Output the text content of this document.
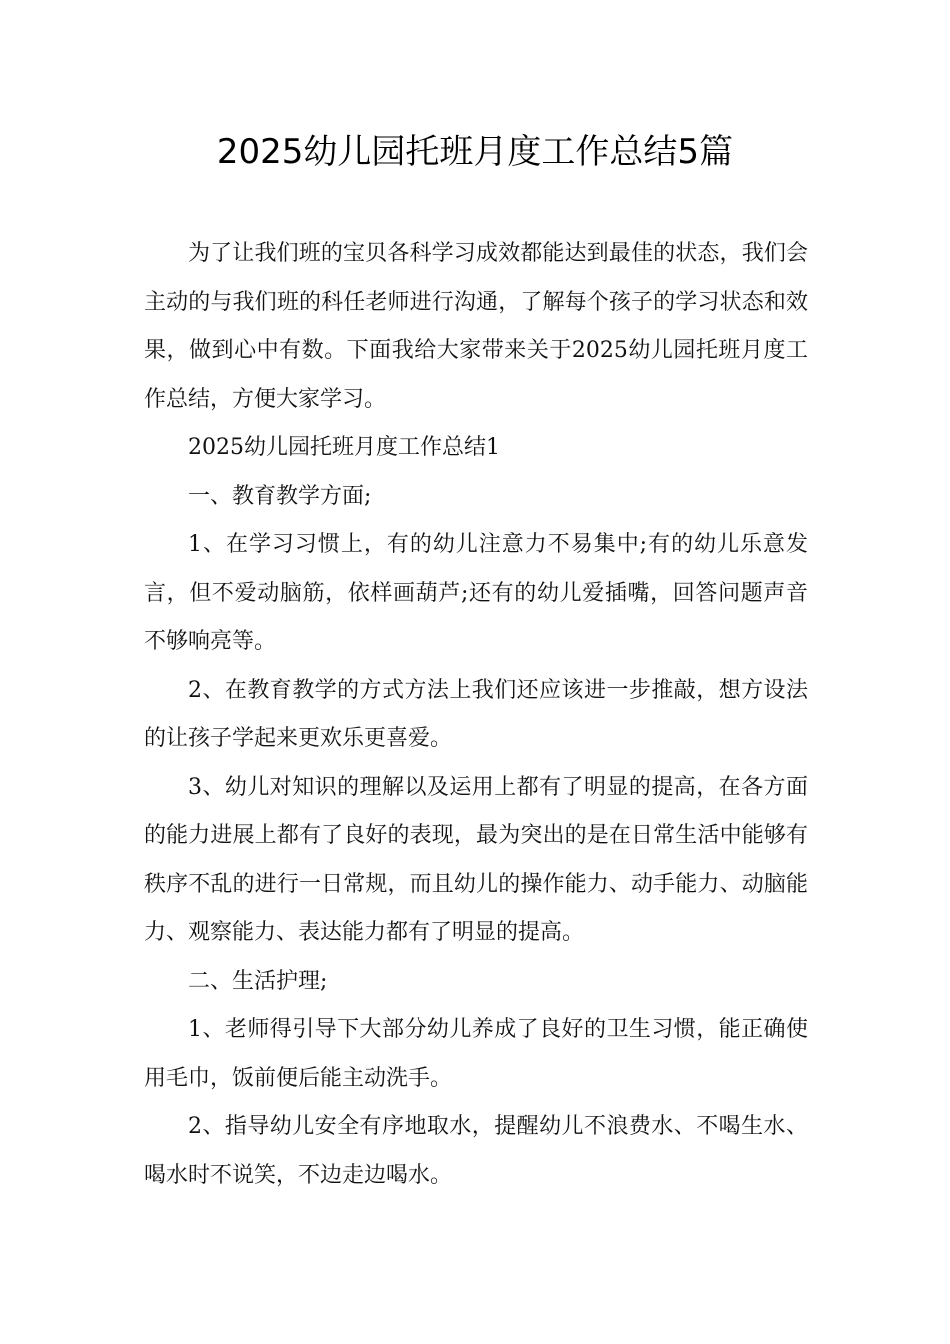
2025幼儿园托班月度工作总结5篇

为了让我们班的宝贝各科学习成效都能达到最佳的状态，我们会主动的与我们班的科任老师进行沟通，了解每个孩子的学习状态和效果，做到心中有数。下面我给大家带来关于2025幼儿园托班月度工作总结，方便大家学习。

2025幼儿园托班月度工作总结1

一、教育教学方面;

1、在学习习惯上，有的幼儿注意力不易集中;有的幼儿乐意发言，但不爱动脑筋，依样画葫芦;还有的幼儿爱插嘴，回答问题声音不够响亮等。

2、在教育教学的方式方法上我们还应该进一步推敲，想方设法的让孩子学起来更欢乐更喜爱。

3、幼儿对知识的理解以及运用上都有了明显的提高，在各方面的能力进展上都有了良好的表现，最为突出的是在日常生活中能够有秩序不乱的进行一日常规，而且幼儿的操作能力、动手能力、动脑能力、观察能力、表达能力都有了明显的提高。

二、生活护理;

1、老师得引导下大部分幼儿养成了良好的卫生习惯，能正确使用毛巾，饭前便后能主动洗手。

2、指导幼儿安全有序地取水，提醒幼儿不浪费水、不喝生水、喝水时不说笑，不边走边喝水。
